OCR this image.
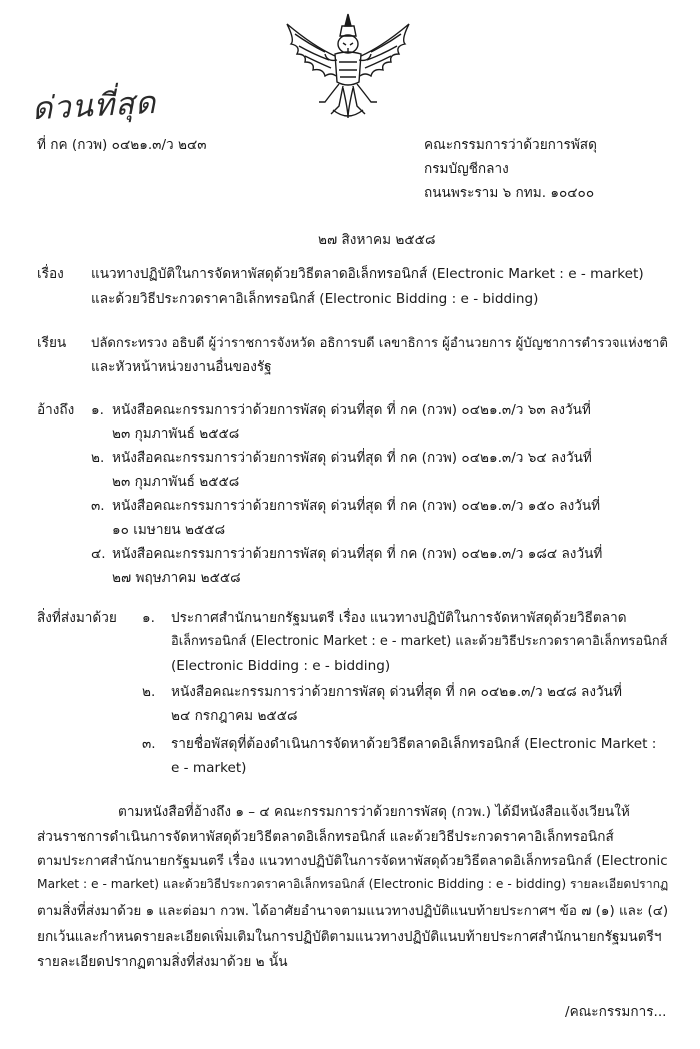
ด่วนที่สุด
ที่ กค (กวพ) ๐๔๒๑.๓/ว ๒๔๓	คณะกรรมการว่าด้วยการพัสดุ
กรมบัญชีกลาง
ถนนพระราม ๖ กทม. ๑๐๔๐๐
๒๗ สิงหาคม ๒๕๕๘
เรื่อง แนวทางปฏิบัติในการจัดหาพัสดุด้วยวิธีตลาดอิเล็กทรอนิกส์ (Electronic Market : e - market)
และด้วยวิธีประกวดราคาอิเล็กทรอนิกส์ (Electronic Bidding : e - bidding)
เรียน ปลัดกระทรวง อธิบดี ผู้ว่าราชการจังหวัด อธิการบดี เลขาธิการ ผู้อำนวยการ ผู้บัญชาการตำรวจแห่งชาติ
และหัวหน้าหน่วยงานอื่นของรัฐ
อ้างถึง ๑. หนังสือคณะกรรมการว่าด้วยการพัสดุ ด่วนที่สุด ที่ กค (กวพ) ๐๔๒๑.๓/ว ๖๓ ลงวันที่
๒๓ กุมภาพันธ์ ๒๕๕๘
๒. หนังสือคณะกรรมการว่าด้วยการพัสดุ ด่วนที่สุด ที่ กค (กวพ) ๐๔๒๑.๓/ว ๖๔ ลงวันที่
๒๓ กุมภาพันธ์ ๒๕๕๘
๓. หนังสือคณะกรรมการว่าด้วยการพัสดุ ด่วนที่สุด ที่ กค (กวพ) ๐๔๒๑.๓/ว ๑๕๐ ลงวันที่
๑๐ เมษายน ๒๕๕๘
๔. หนังสือคณะกรรมการว่าด้วยการพัสดุ ด่วนที่สุด ที่ กค (กวพ) ๐๔๒๑.๓/ว ๑๘๔ ลงวันที่
๒๗ พฤษภาคม ๒๕๕๘
สิ่งที่ส่งมาด้วย ๑. ประกาศสำนักนายกรัฐมนตรี เรื่อง แนวทางปฏิบัติในการจัดหาพัสดุด้วยวิธีตลาด
อิเล็กทรอนิกส์ (Electronic Market : e - market) และด้วยวิธีประกวดราคาอิเล็กทรอนิกส์
(Electronic Bidding : e - bidding)
๒. หนังสือคณะกรรมการว่าด้วยการพัสดุ ด่วนที่สุด ที่ กค ๐๔๒๑.๓/ว ๒๔๘ ลงวันที่
๒๔ กรกฎาคม ๒๕๕๘
๓. รายชื่อพัสดุที่ต้องดำเนินการจัดหาด้วยวิธีตลาดอิเล็กทรอนิกส์ (Electronic Market :
e - market)
ตามหนังสือที่อ้างถึง ๑ – ๔ คณะกรรมการว่าด้วยการพัสดุ (กวพ.) ได้มีหนังสือแจ้งเวียนให้
ส่วนราชการดำเนินการจัดหาพัสดุด้วยวิธีตลาดอิเล็กทรอนิกส์ และด้วยวิธีประกวดราคาอิเล็กทรอนิกส์
ตามประกาศสำนักนายกรัฐมนตรี เรื่อง แนวทางปฏิบัติในการจัดหาพัสดุด้วยวิธีตลาดอิเล็กทรอนิกส์ (Electronic
Market : e - market) และด้วยวิธีประกวดราคาอิเล็กทรอนิกส์ (Electronic Bidding : e - bidding) รายละเอียดปรากฏ
ตามสิ่งที่ส่งมาด้วย ๑ และต่อมา กวพ. ได้อาศัยอำนาจตามแนวทางปฏิบัติแนบท้ายประกาศฯ ข้อ ๗ (๑) และ (๔)
ยกเว้นและกำหนดรายละเอียดเพิ่มเติมในการปฏิบัติตามแนวทางปฏิบัติแนบท้ายประกาศสำนักนายกรัฐมนตรีฯ
รายละเอียดปรากฏตามสิ่งที่ส่งมาด้วย ๒ นั้น
/คณะกรรมการ...
